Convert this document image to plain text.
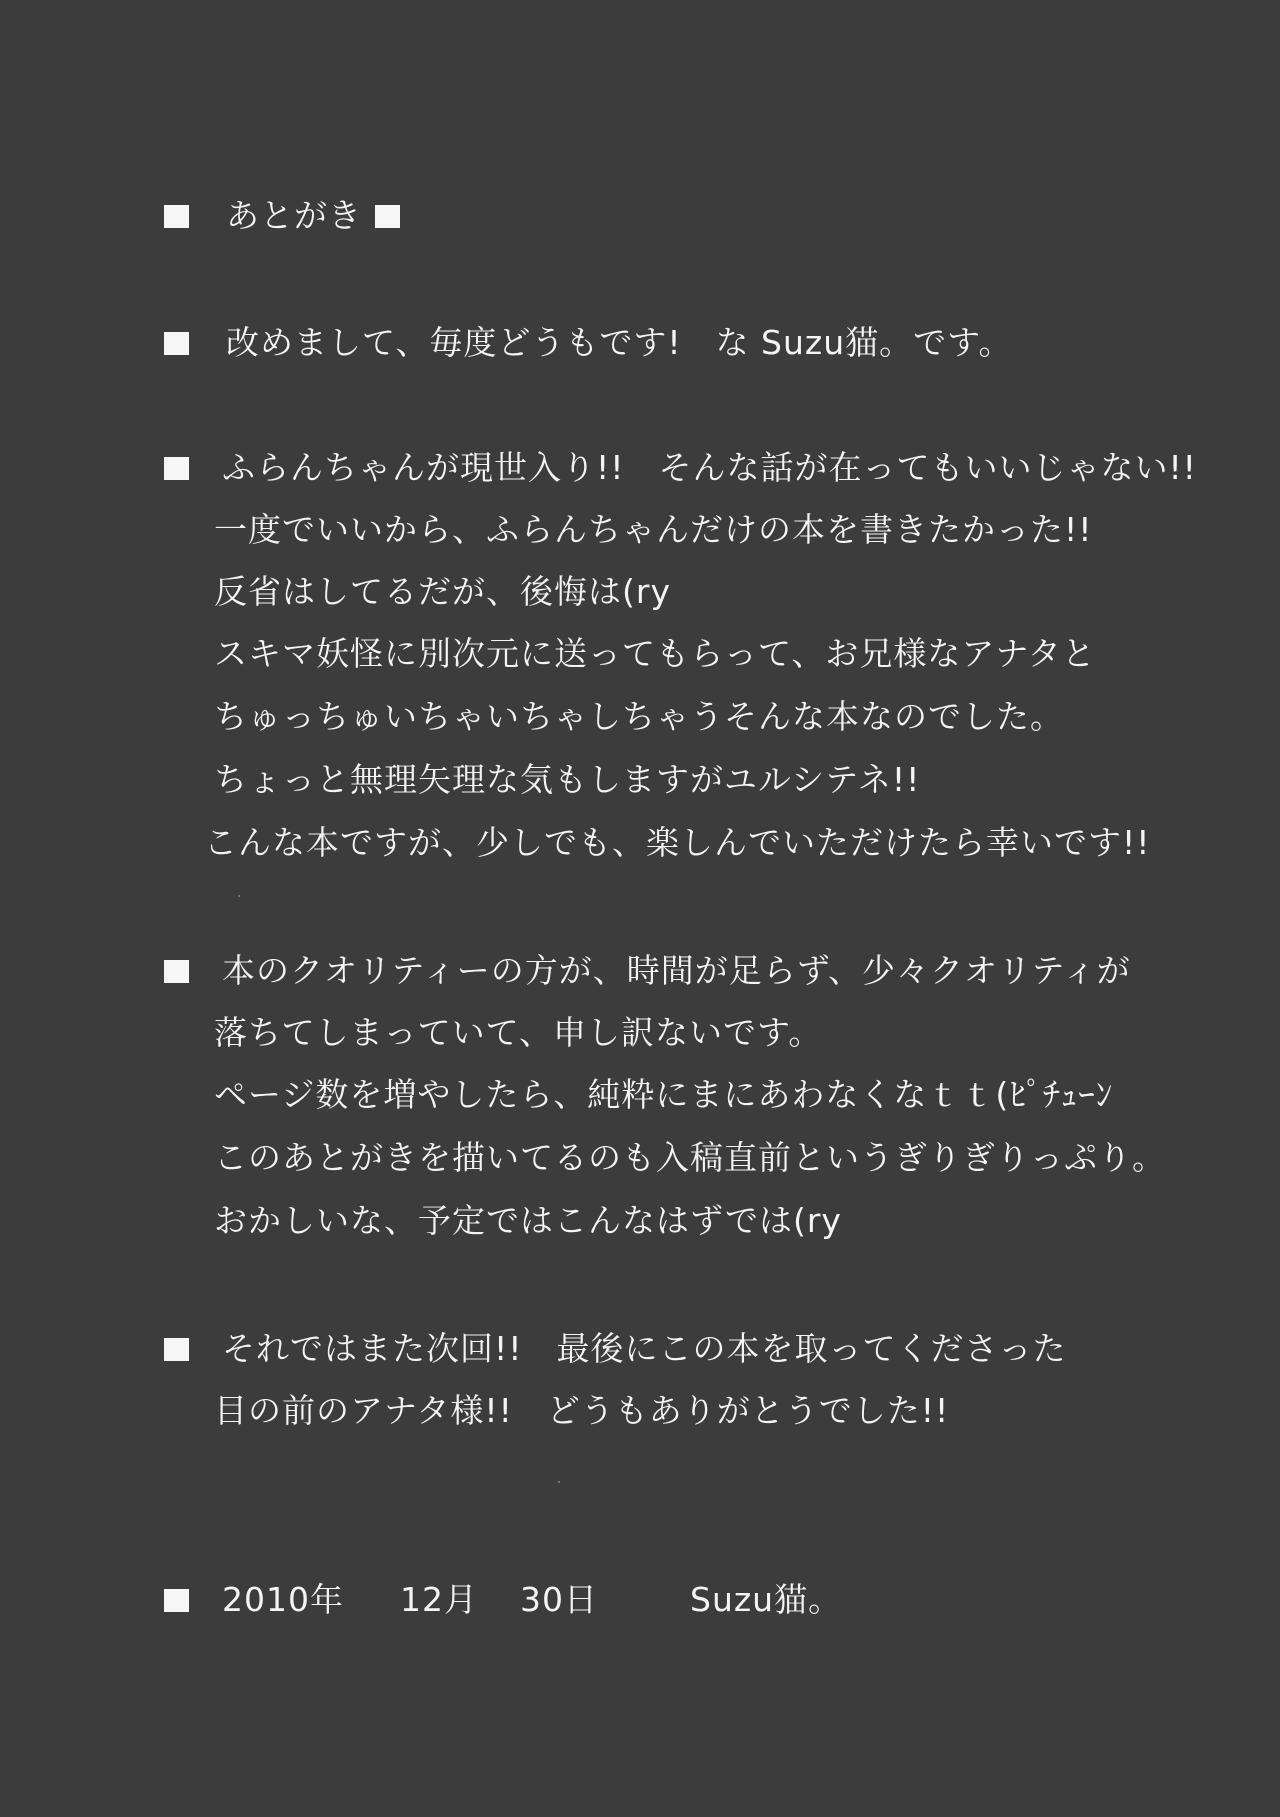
あとがき
改めまして、毎度どうもです!　な Suzu猫。です。
ふらんちゃんが現世入り!!　そんな話が在ってもいいじゃない!!
一度でいいから、ふらんちゃんだけの本を書きたかった!!
反省はしてるだが、後悔は(ry
スキマ妖怪に別次元に送ってもらって、お兄様なアナタと
ちゅっちゅいちゃいちゃしちゃうそんな本なのでした。
ちょっと無理矢理な気もしますがユルシテネ!!
こんな本ですが、少しでも、楽しんでいただけたら幸いです!!
本のクオリティーの方が、時間が足らず、少々クオリティが
落ちてしまっていて、申し訳ないです。
ページ数を増やしたら、純粋にまにあわなくなｔｔ(ﾋﾟﾁｭｰﾝ
このあとがきを描いてるのも入稿直前というぎりぎりっぷり。
おかしいな、予定ではこんなはずでは(ry
それではまた次回!!　最後にこの本を取ってくださった
目の前のアナタ様!!　どうもありがとうでした!!
2010年 12月 30日	Suzu猫。
